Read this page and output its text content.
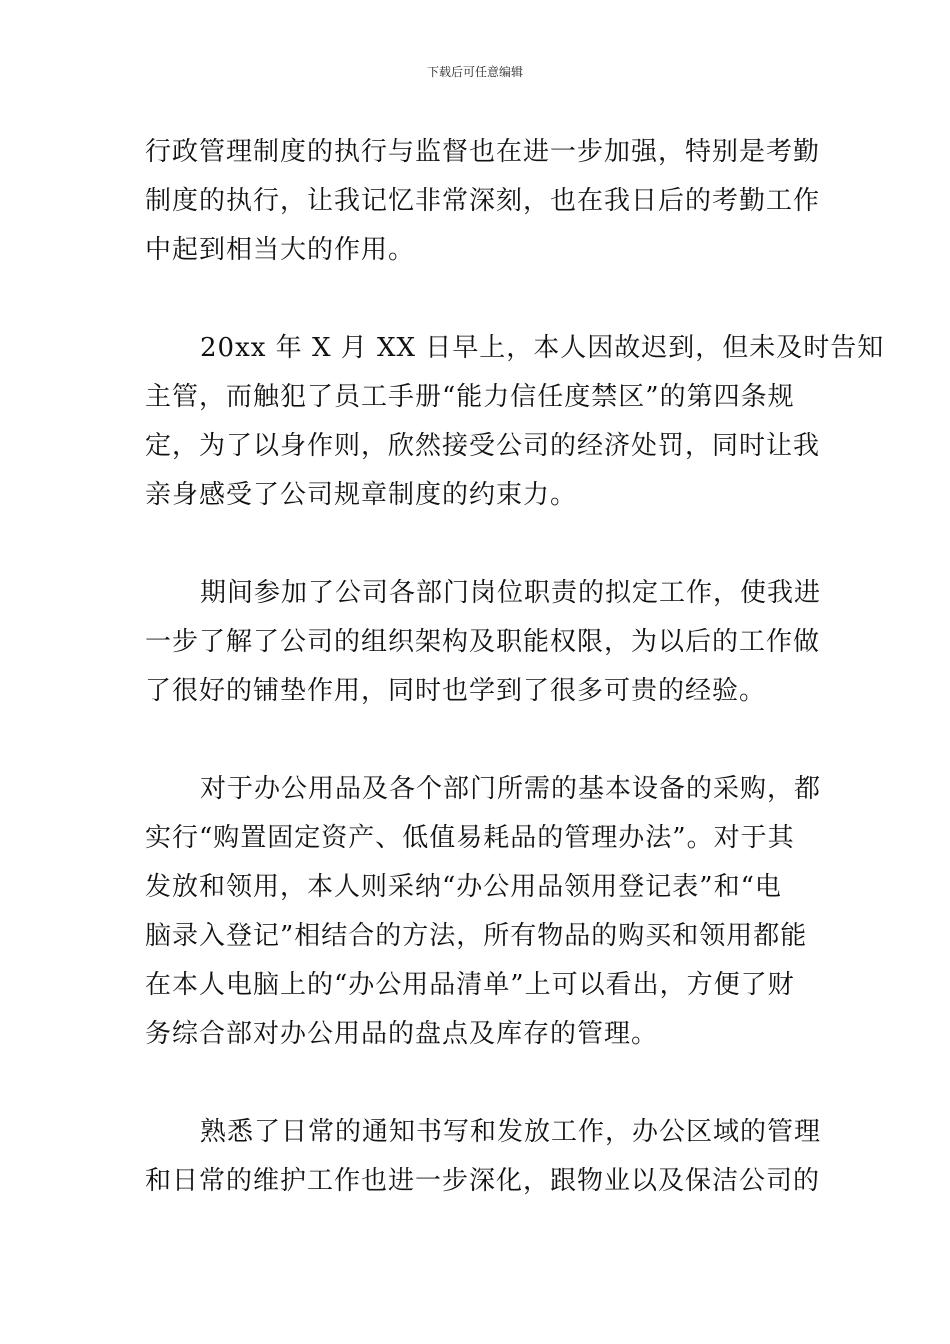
下载后可任意编辑
行政管理制度的执行与监督也在进一步加强，特别是考勤
制度的执行，让我记忆非常深刻，也在我日后的考勤工作
中起到相当大的作用。
20xx 年 X 月 XX 日早上，本人因故迟到，但未及时告知
主管，而触犯了员工手册“能力信任度禁区”的第四条规
定，为了以身作则，欣然接受公司的经济处罚，同时让我
亲身感受了公司规章制度的约束力。
期间参加了公司各部门岗位职责的拟定工作，使我进
一步了解了公司的组织架构及职能权限，为以后的工作做
了很好的铺垫作用，同时也学到了很多可贵的经验。
对于办公用品及各个部门所需的基本设备的采购，都
实行“购置固定资产、低值易耗品的管理办法”。对于其
发放和领用，本人则采纳“办公用品领用登记表”和“电
脑录入登记”相结合的方法，所有物品的购买和领用都能
在本人电脑上的“办公用品清单”上可以看出，方便了财
务综合部对办公用品的盘点及库存的管理。
熟悉了日常的通知书写和发放工作，办公区域的管理
和日常的维护工作也进一步深化，跟物业以及保洁公司的
